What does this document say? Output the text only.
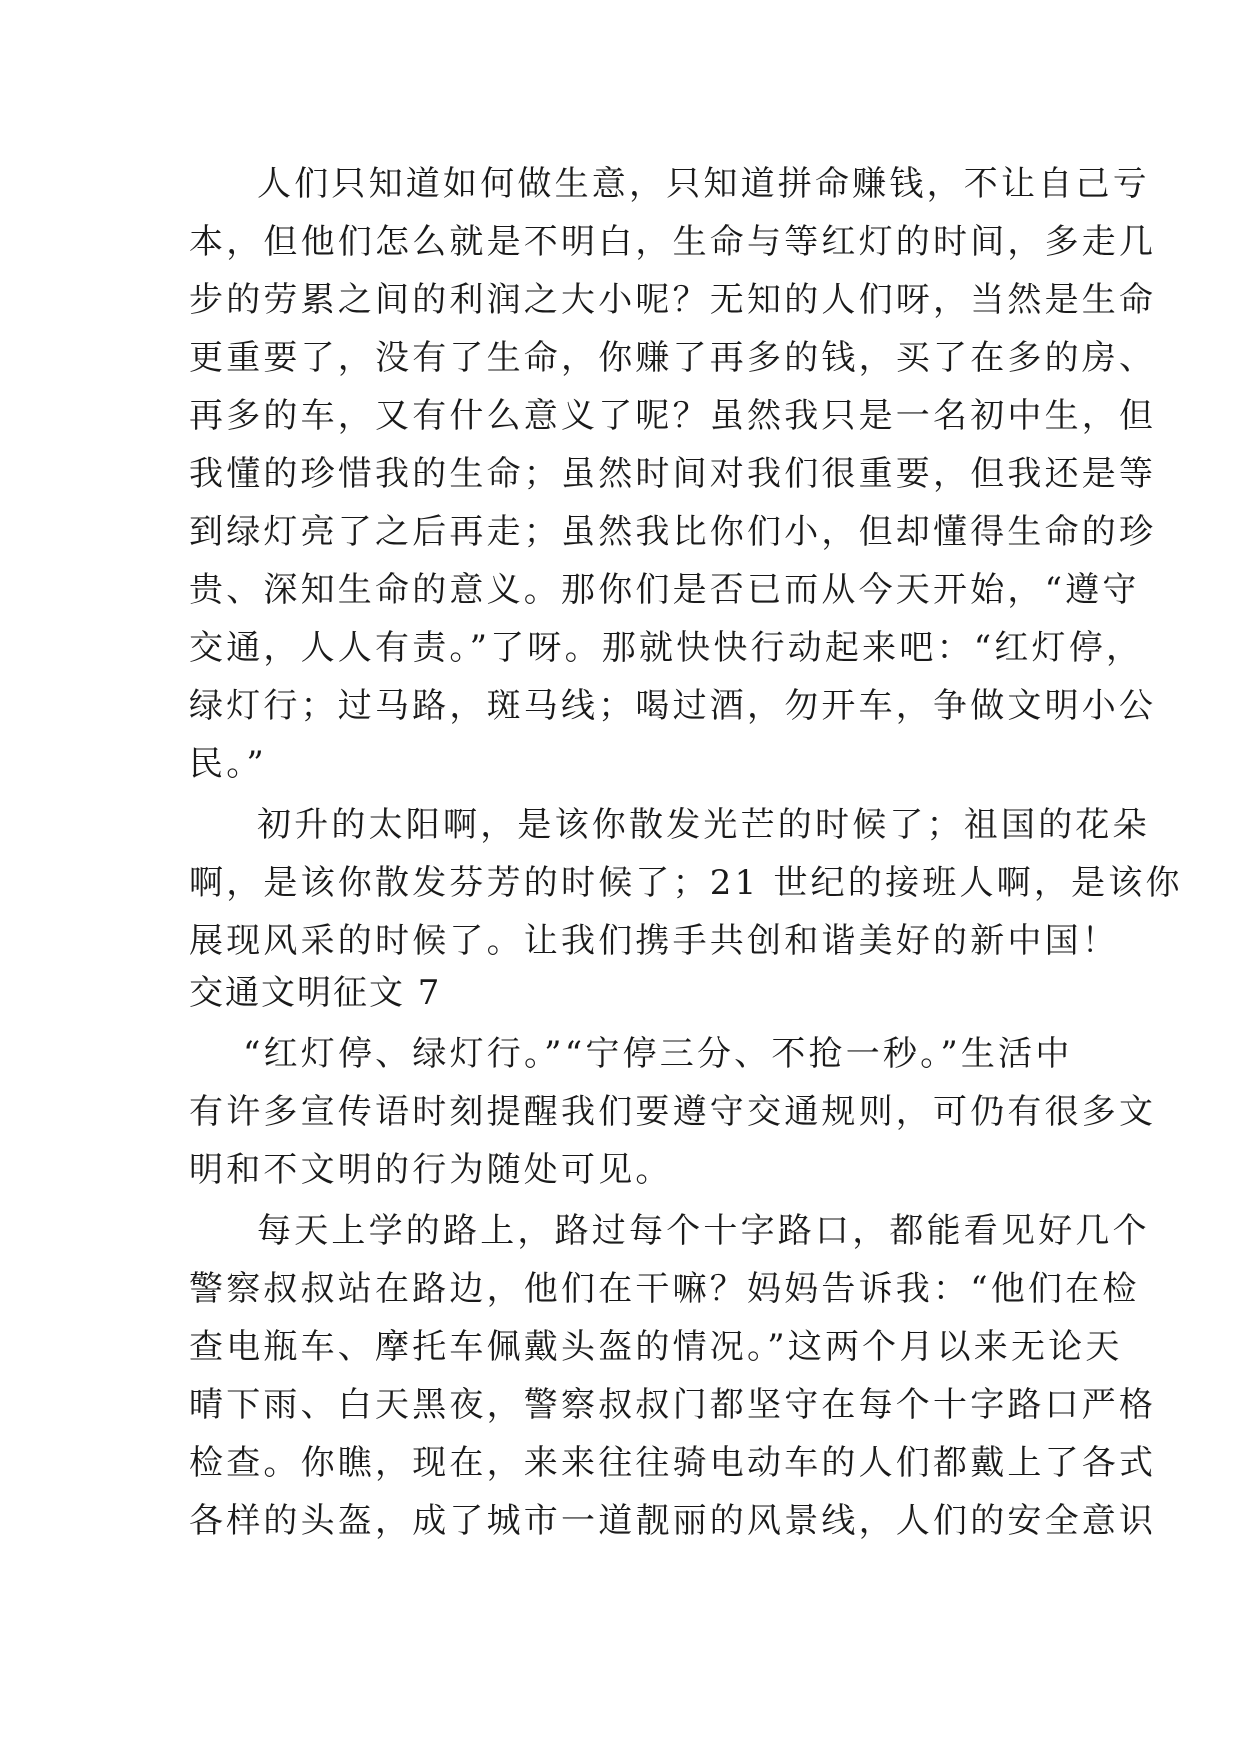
人们只知道如何做生意，只知道拼命赚钱，不让自己亏
本，但他们怎么就是不明白，生命与等红灯的时间，多走几
步的劳累之间的利润之大小呢？无知的人们呀，当然是生命
更重要了，没有了生命，你赚了再多的钱，买了在多的房、
再多的车，又有什么意义了呢？虽然我只是一名初中生，但
我懂的珍惜我的生命；虽然时间对我们很重要，但我还是等
到绿灯亮了之后再走；虽然我比你们小，但却懂得生命的珍
贵、深知生命的意义。那你们是否已而从今天开始，“遵守
交通，人人有责。”了呀。那就快快行动起来吧：“红灯停，
绿灯行；过马路，斑马线；喝过酒，勿开车，争做文明小公
民。”
初升的太阳啊，是该你散发光芒的时候了；祖国的花朵
啊，是该你散发芬芳的时候了；21 世纪的接班人啊，是该你
展现风采的时候了。让我们携手共创和谐美好的新中国！
交通文明征文 7
“红灯停、绿灯行。”“宁停三分、不抢一秒。”生活中
有许多宣传语时刻提醒我们要遵守交通规则，可仍有很多文
明和不文明的行为随处可见。
每天上学的路上，路过每个十字路口，都能看见好几个
警察叔叔站在路边，他们在干嘛？妈妈告诉我：“他们在检
查电瓶车、摩托车佩戴头盔的情况。”这两个月以来无论天
晴下雨、白天黑夜，警察叔叔门都坚守在每个十字路口严格
检查。你瞧，现在，来来往往骑电动车的人们都戴上了各式
各样的头盔，成了城市一道靓丽的风景线，人们的安全意识
